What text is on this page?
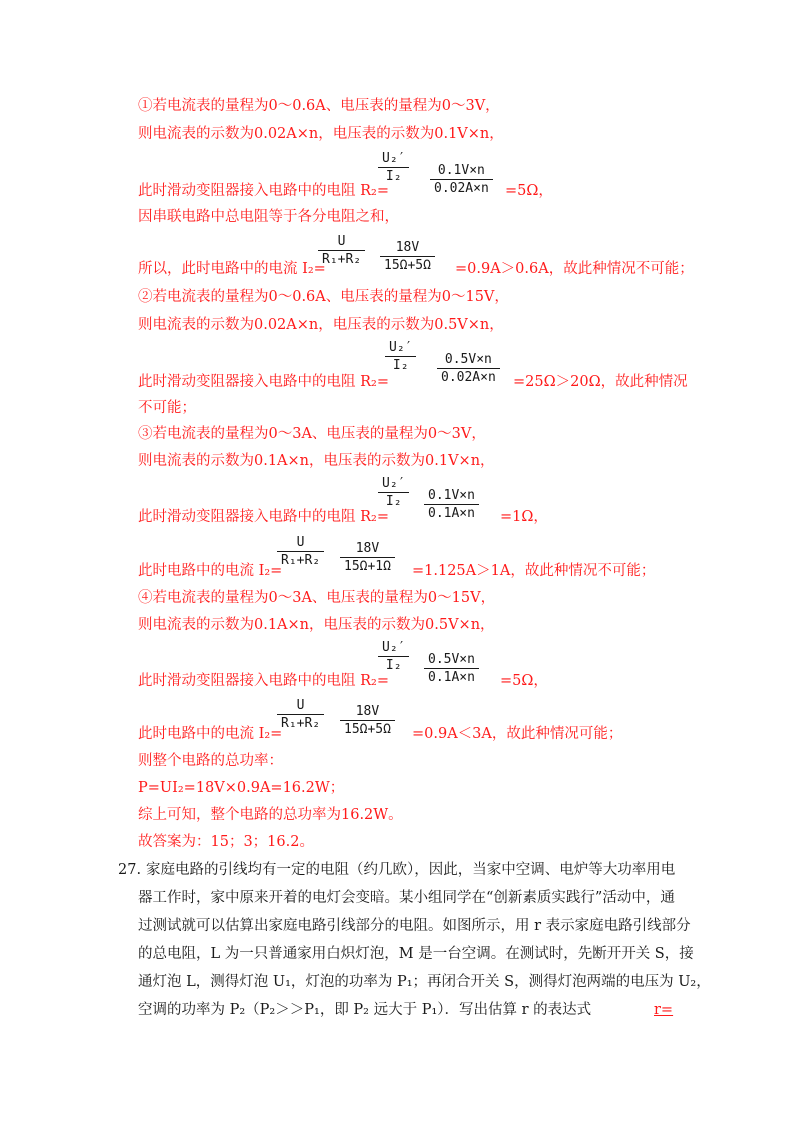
①若电流表的量程为0～0.6A、电压表的量程为0～3V，
则电流表的示数为0.02A×n，电压表的示数为0.1V×n，
U₂′
I₂	0.1V×n
0.02A×n
此时滑动变阻器接入电路中的电阻 R₂=	=5Ω，
因串联电路中总电阻等于各分电阻之和，
U
R₁+R₂
18V
15Ω+5Ω
所以，此时电路中的电流 I₂=	=0.9A＞0.6A，故此种情况不可能；
②若电流表的量程为0～0.6A、电压表的量程为0～15V，
则电流表的示数为0.02A×n，电压表的示数为0.5V×n，
U₂′
I₂	0.5V×n
0.02A×n
此时滑动变阻器接入电路中的电阻 R₂=	=25Ω＞20Ω，故此种情况
不可能；
③若电流表的量程为0～3A、电压表的量程为0～3V，
则电流表的示数为0.1A×n，电压表的示数为0.1V×n，
U₂′
I₂	0.1V×n
0.1A×n
此时滑动变阻器接入电路中的电阻 R₂=	=1Ω，
U
R₁+R₂
18V
15Ω+1Ω
此时电路中的电流 I₂=	=1.125A＞1A，故此种情况不可能；
④若电流表的量程为0～3A、电压表的量程为0～15V，
则电流表的示数为0.1A×n，电压表的示数为0.5V×n，
U₂′
I₂	0.5V×n
0.1A×n
此时滑动变阻器接入电路中的电阻 R₂=	=5Ω，
U
R₁+R₂
18V
15Ω+5Ω
此时电路中的电流 I₂=	=0.9A＜3A，故此种情况可能；
则整个电路的总功率：
P=UI₂=18V×0.9A=16.2W；
综上可知，整个电路的总功率为16.2W。
故答案为：15；3；16.2。
27. 家庭电路的引线均有一定的电阻（约几欧），因此，当家中空调、电炉等大功率用电
器工作时，家中原来开着的电灯会变暗。某小组同学在“创新素质实践行”活动中，通
过测试就可以估算出家庭电路引线部分的电阻。如图所示，用 r 表示家庭电路引线部分
的总电阻，L 为一只普通家用白炽灯泡，M 是一台空调。在测试时，先断开开关 S，接
通灯泡 L，测得灯泡 U₁，灯泡的功率为 P₁；再闭合开关 S，测得灯泡两端的电压为 U₂，
空调的功率为 P₂（P₂＞＞P₁，即 P₂ 远大于 P₁）．写出估算 r 的表达式	r=
